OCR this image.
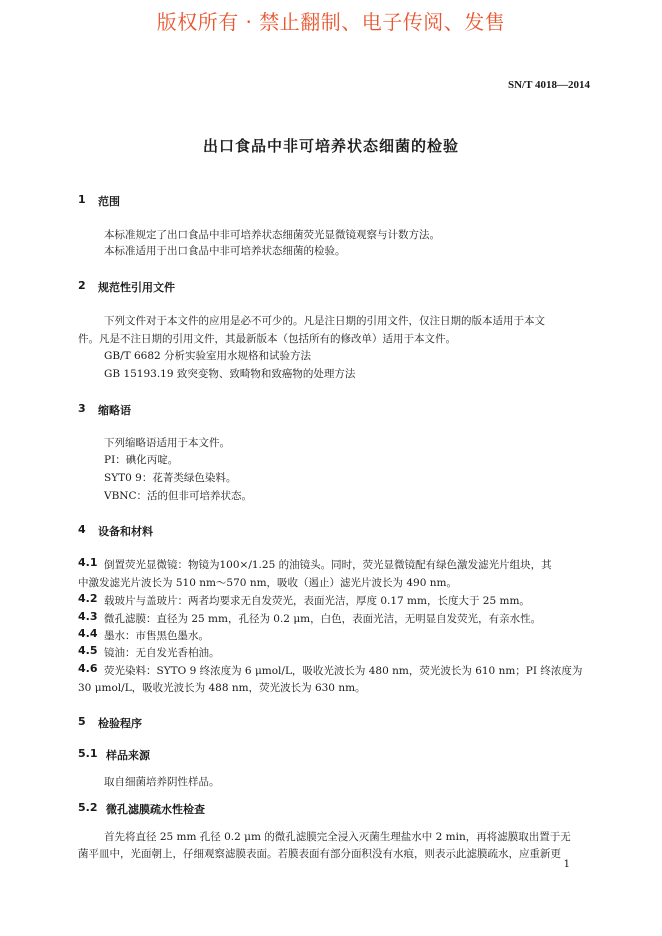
版权所有 · 禁止翻制、电子传阅、发售
SN/T 4018—2014
出口食品中非可培养状态细菌的检验
1 范围
本标准规定了出口食品中非可培养状态细菌荧光显微镜观察与计数方法。
本标准适用于出口食品中非可培养状态细菌的检验。
2 规范性引用文件
下列文件对于本文件的应用是必不可少的。凡是注日期的引用文件，仅注日期的版本适用于本文
件。凡是不注日期的引用文件，其最新版本（包括所有的修改单）适用于本文件。
GB/T 6682 分析实验室用水规格和试验方法
GB 15193.19 致突变物、致畸物和致癌物的处理方法
3 缩略语
下列缩略语适用于本文件。
PI：碘化丙啶。
SYT0 9：花菁类绿色染料。
VBNC：活的但非可培养状态。
4 设备和材料
4.1 倒置荧光显微镜：物镜为100×/1.25 的油镜头。同时，荧光显微镜配有绿色激发滤光片组块，其
中激发滤光片波长为 510 nm～570 nm，吸收（遏止）滤光片波长为 490 nm。
4.2 载玻片与盖玻片：两者均要求无自发荧光，表面光洁，厚度 0.17 mm，长度大于 25 mm。
4.3 微孔滤膜：直径为 25 mm，孔径为 0.2 μm，白色，表面光洁，无明显自发荧光，有亲水性。
4.4 墨水：市售黑色墨水。
4.5 镜油：无自发光香柏油。
4.6 荧光染料：SYTO 9 终浓度为 6 μmol/L，吸收光波长为 480 nm，荧光波长为 610 nm；PI 终浓度为
30 μmol/L，吸收光波长为 488 nm，荧光波长为 630 nm。
5 检验程序
5.1 样品来源
取自细菌培养阴性样品。
5.2 微孔滤膜疏水性检查
首先将直径 25 mm 孔径 0.2 μm 的微孔滤膜完全浸入灭菌生理盐水中 2 min，再将滤膜取出置于无
菌平皿中，光面朝上，仔细观察滤膜表面。若膜表面有部分面积没有水痕，则表示此滤膜疏水，应重新更
1
